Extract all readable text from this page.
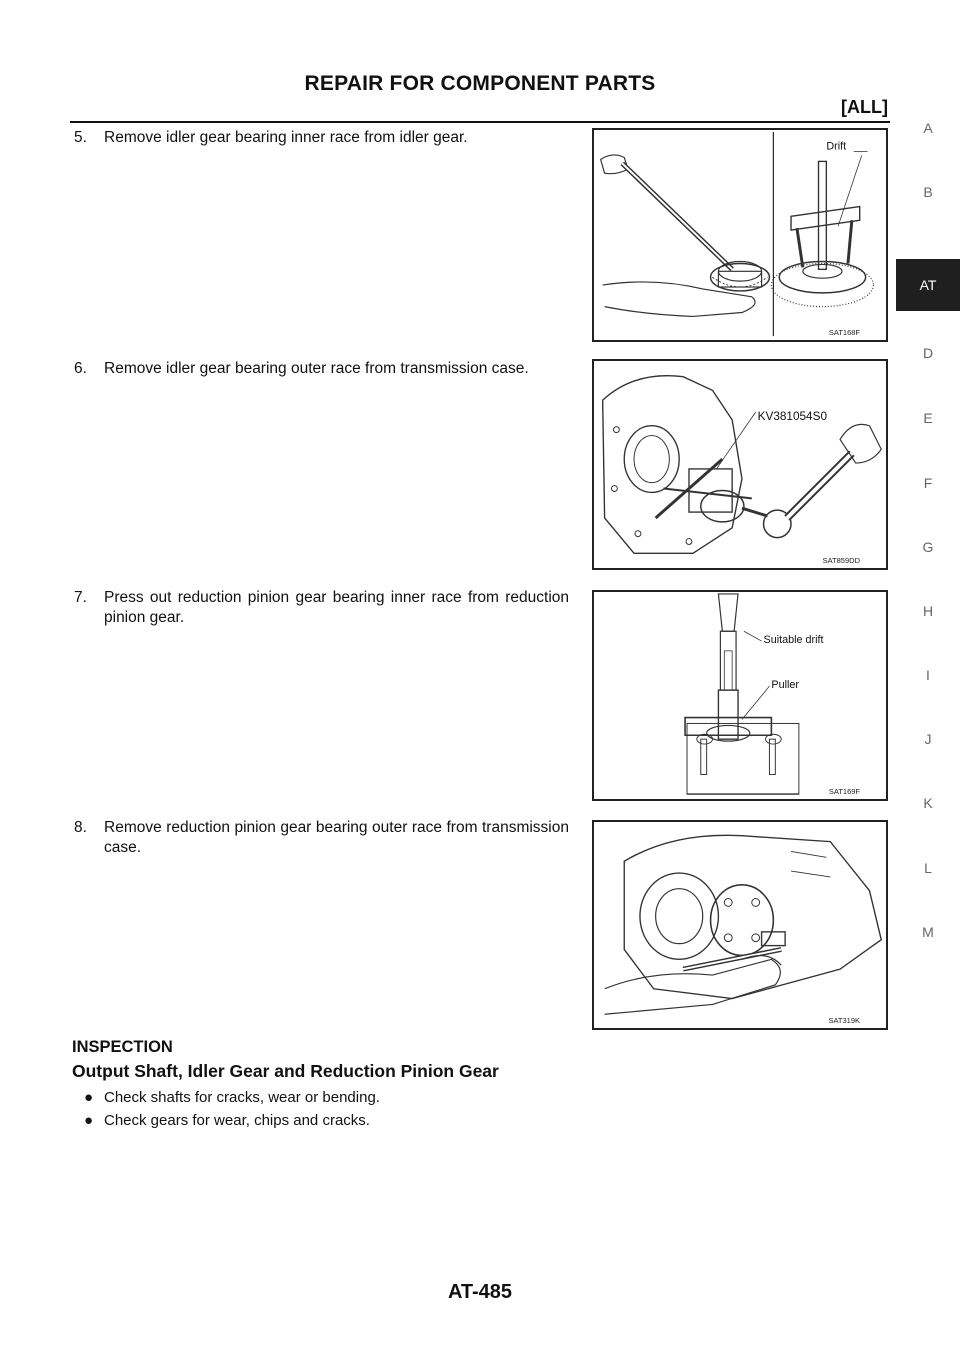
REPAIR FOR COMPONENT PARTS
[ALL]
5.	Remove idler gear bearing inner race from idler gear.
Drift
SAT168F
6.	Remove idler gear bearing outer race from transmission case.
KV381054S0
SAT859DD
7.	Press out reduction pinion gear bearing inner race from reduction pinion gear.
Suitable drift
Puller
SAT169F
8.	Remove reduction pinion gear bearing outer race from transmission case.
SAT319K
INSPECTION
Output Shaft, Idler Gear and Reduction Pinion Gear
● Check shafts for cracks, wear or bending.
● Check gears for wear, chips and cracks.
AT-485
A
B
AT
D
E
F
G
H
I
J
K
L
M
